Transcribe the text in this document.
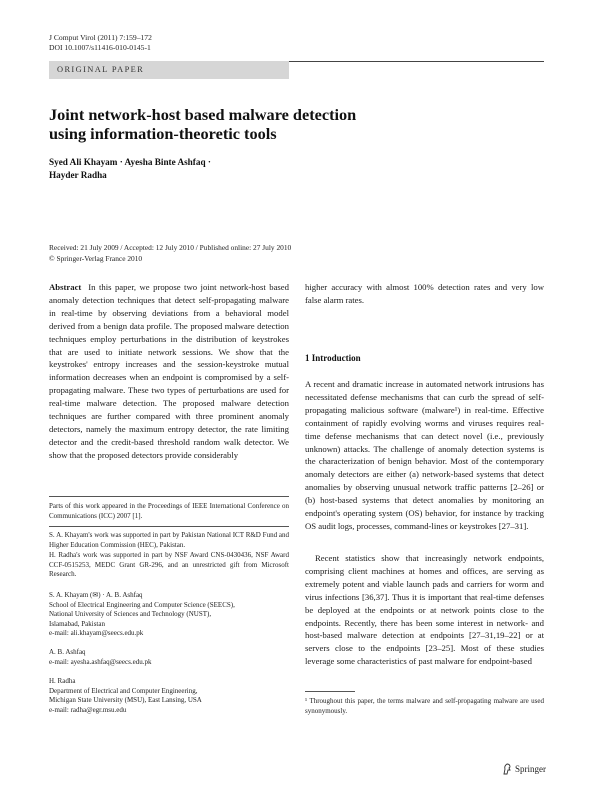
J Comput Virol (2011) 7:159–172
DOI 10.1007/s11416-010-0145-1
ORIGINAL PAPER
Joint network-host based malware detection
using information-theoretic tools
Syed Ali Khayam · Ayesha Binte Ashfaq ·
Hayder Radha
Received: 21 July 2009 / Accepted: 12 July 2010 / Published online: 27 July 2010
© Springer-Verlag France 2010
Abstract In this paper, we propose two joint network-host based anomaly detection techniques that detect self-propagating malware in real-time by observing deviations from a behavioral model derived from a benign data profile. The proposed malware detection techniques employ perturbations in the distribution of keystrokes that are used to initiate network sessions. We show that the keystrokes' entropy increases and the session-keystroke mutual information decreases when an endpoint is compromised by a self-propagating malware. These two types of perturbations are used for real-time malware detection. The proposed malware detection techniques are further compared with three prominent anomaly detectors, namely the maximum entropy detector, the rate limiting detector and the credit-based threshold random walk detector. We show that the proposed detectors provide considerably
higher accuracy with almost 100% detection rates and very low false alarm rates.
Parts of this work appeared in the Proceedings of IEEE International Conference on Communications (ICC) 2007 [1].
S. A. Khayam's work was supported in part by Pakistan National ICT R&D Fund and Higher Education Commission (HEC), Pakistan.
H. Radha's work was supported in part by NSF Award CNS-0430436, NSF Award CCF-0515253, MEDC Grant GR-296, and an unrestricted gift from Microsoft Research.
S. A. Khayam (✉) · A. B. Ashfaq
School of Electrical Engineering and Computer Science (SEECS),
National University of Sciences and Technology (NUST),
Islamabad, Pakistan
e-mail: ali.khayam@seecs.edu.pk
A. B. Ashfaq
e-mail: ayesha.ashfaq@seecs.edu.pk
H. Radha
Department of Electrical and Computer Engineering,
Michigan State University (MSU), East Lansing, USA
e-mail: radha@egr.msu.edu
1 Introduction
A recent and dramatic increase in automated network intrusions has necessitated defense mechanisms that can curb the spread of self-propagating malicious software (malware¹) in real-time. Effective containment of rapidly evolving worms and viruses requires real-time defense mechanisms that can detect novel (i.e., previously unknown) attacks. The challenge of anomaly detection systems is the characterization of benign behavior. Most of the contemporary anomaly detectors are either (a) network-based systems that detect anomalies by observing unusual network traffic patterns [2–26] or (b) host-based systems that detect anomalies by monitoring an endpoint's operating system (OS) behavior, for instance by tracking OS audit logs, processes, command-lines or keystrokes [27–31].
Recent statistics show that increasingly network endpoints, comprising client machines at homes and offices, are serving as extremely potent and viable launch pads and carriers for worm and virus infections [36,37]. Thus it is important that real-time defenses be deployed at the endpoints or at network points close to the endpoints. Recently, there has been some interest in network- and host-based malware detection at endpoints [27–31,19–22] or at servers close to the endpoints [23–25]. Most of these studies leverage some characteristics of past malware for endpoint-based
¹ Throughout this paper, the terms malware and self-propagating malware are used synonymously.
Springer
